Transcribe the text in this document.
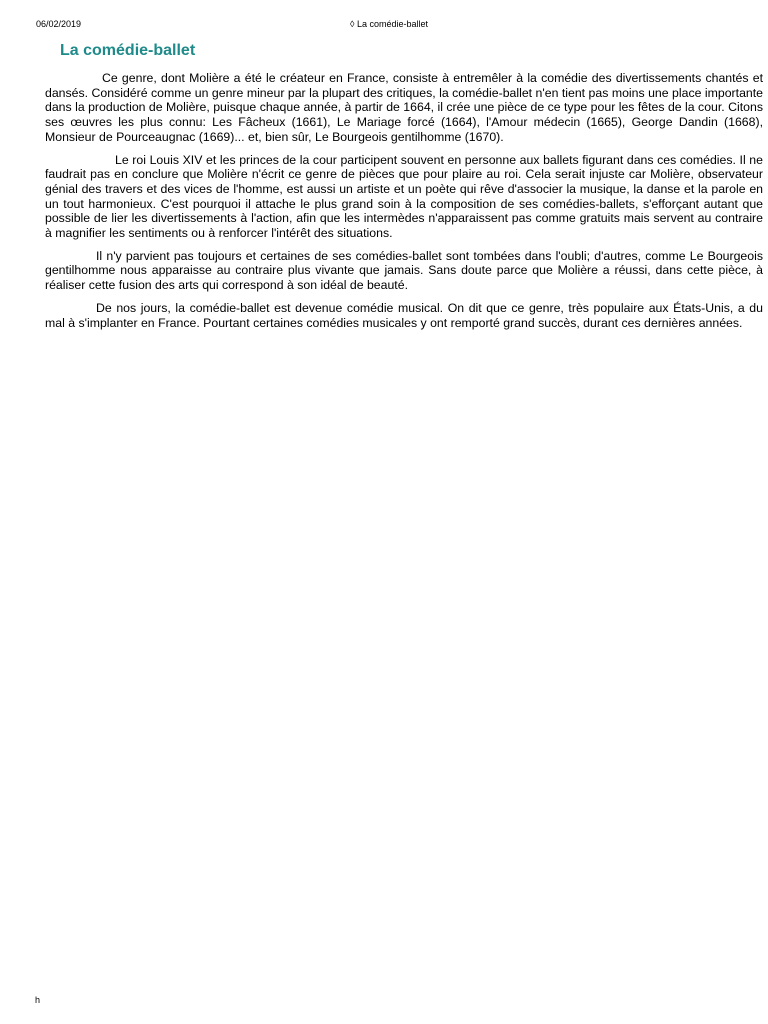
06/02/2019	◊ La comédie-ballet
La comédie-ballet

Ce genre, dont Molière a été le créateur en France, consiste à entremêler à la comédie des divertissements chantés et dansés. Considéré comme un genre mineur par la plupart des critiques, la comédie-ballet n'en tient pas moins une place importante dans la production de Molière, puisque chaque année, à partir de 1664, il crée une pièce de ce type pour les fêtes de la cour. Citons ses œuvres les plus connu: Les Fâcheux (1661), Le Mariage forcé (1664), l'Amour médecin (1665), George Dandin (1668), Monsieur de Pourceaugnac (1669)... et, bien sûr, Le Bourgeois gentilhomme (1670).

Le roi Louis XIV et les princes de la cour participent souvent en personne aux ballets figurant dans ces comédies. Il ne faudrait pas en conclure que Molière n'écrit ce genre de pièces que pour plaire au roi. Cela serait injuste car Molière, observateur génial des travers et des vices de l'homme, est aussi un artiste et un poète qui rêve d'associer la musique, la danse et la parole en un tout harmonieux. C'est pourquoi il attache le plus grand soin à la composition de ses comédies-ballets, s'efforçant autant que possible de lier les divertissements à l'action, afin que les intermèdes n'apparaissent pas comme gratuits mais servent au contraire à magnifier les sentiments ou à renforcer l'intérêt des situations.

Il n'y parvient pas toujours et certaines de ses comédies-ballet sont tombées dans l'oubli; d'autres, comme Le Bourgeois gentilhomme nous apparaisse au contraire plus vivante que jamais. Sans doute parce que Molière a réussi, dans cette pièce, à réaliser cette fusion des arts qui correspond à son idéal de beauté.

De nos jours, la comédie-ballet est devenue comédie musical. On dit que ce genre, très populaire aux États-Unis, a du mal à s'implanter en France. Pourtant certaines comédies musicales y ont remporté grand succès, durant ces dernières années.

h
